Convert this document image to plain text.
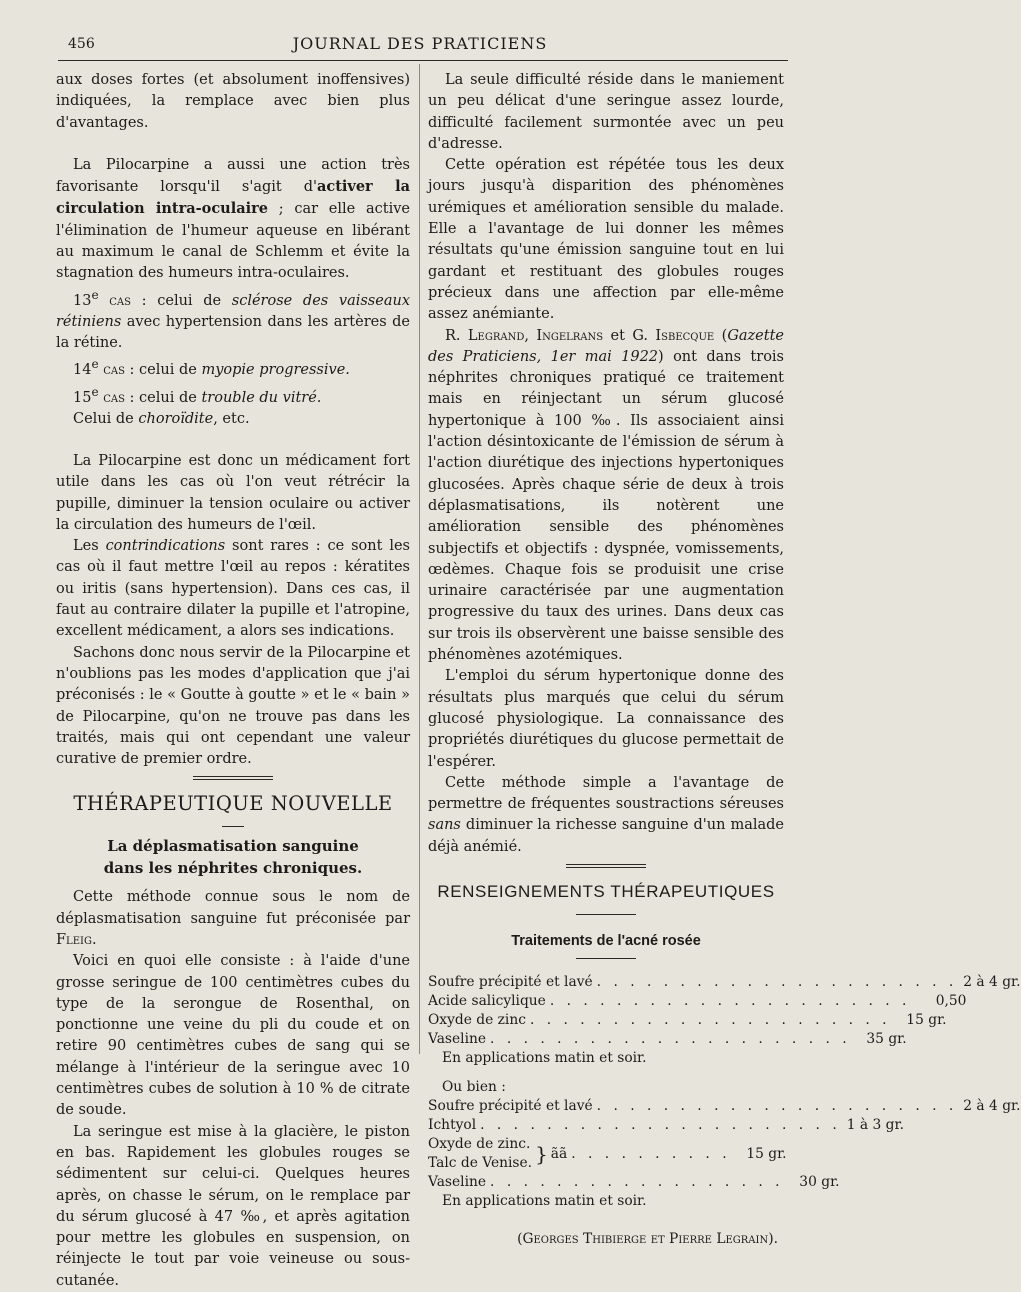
456	JOURNAL DES PRATICIENS

aux doses fortes (et absolument inoffensives) indiquées, la remplace avec bien plus d'avantages.

La Pilocarpine a aussi une action très favorisante lorsqu'il s'agit d'activer la circulation intra-oculaire ; car elle active l'élimination de l'humeur aqueuse en libérant au maximum le canal de Schlemm et évite la stagnation des humeurs intra-oculaires.

13e cas : celui de sclérose des vaisseaux rétiniens avec hypertension dans les artères de la rétine.

14e cas : celui de myopie progressive.

15e cas : celui de trouble du vitré.

Celui de choroïdite, etc.

La Pilocarpine est donc un médicament fort utile dans les cas où l'on veut rétrécir la pupille, diminuer la tension oculaire ou activer la circulation des humeurs de l'œil.

Les contrindications sont rares : ce sont les cas où il faut mettre l'œil au repos : kératites ou iritis (sans hypertension). Dans ces cas, il faut au contraire dilater la pupille et l'atropine, excellent médicament, a alors ses indications.

Sachons donc nous servir de la Pilocarpine et n'oublions pas les modes d'application que j'ai préconisés : le « Goutte à goutte » et le « bain » de Pilocarpine, qu'on ne trouve pas dans les traités, mais qui ont cependant une valeur curative de premier ordre.

THÉRAPEUTIQUE NOUVELLE
La déplasmatisation sanguine
dans les néphrites chroniques.

Cette méthode connue sous le nom de déplasmatisation sanguine fut préconisée par Fleig.

Voici en quoi elle consiste : à l'aide d'une grosse seringue de 100 centimètres cubes du type de la serongue de Rosenthal, on ponctionne une veine du pli du coude et on retire 90 centimètres cubes de sang qui se mélange à l'intérieur de la seringue avec 10 centimètres cubes de solution à 10 % de citrate de soude.

La seringue est mise à la glacière, le piston en bas. Rapidement les globules rouges se sédimentent sur celui-ci. Quelques heures après, on chasse le sérum, on le remplace par du sérum glucosé à 47 ‰, et après agitation pour mettre les globules en suspension, on réinjecte le tout par voie veineuse ou sous-cutanée.

La seule difficulté réside dans le maniement un peu délicat d'une seringue assez lourde, difficulté facilement surmontée avec un peu d'adresse.

Cette opération est répétée tous les deux jours jusqu'à disparition des phénomènes urémiques et amélioration sensible du malade. Elle a l'avantage de lui donner les mêmes résultats qu'une émission sanguine tout en lui gardant et restituant des globules rouges précieux dans une affection par elle-même assez anémiante.

R. Legrand, Ingelrans et G. Isbecque (Gazette des Praticiens, 1er mai 1922) ont dans trois néphrites chroniques pratiqué ce traitement mais en réinjectant un sérum glucosé hypertonique à 100 ‰. Ils associaient ainsi l'action désintoxicante de l'émission de sérum à l'action diurétique des injections hypertoniques glucosées. Après chaque série de deux à trois déplasmatisations, ils notèrent une amélioration sensible des phénomènes subjectifs et objectifs : dyspnée, vomissements, œdèmes. Chaque fois se produisit une crise urinaire caractérisée par une augmentation progressive du taux des urines. Dans deux cas sur trois ils observèrent une baisse sensible des phénomènes azotémiques.

L'emploi du sérum hypertonique donne des résultats plus marqués que celui du sérum glucosé physiologique. La connaissance des propriétés diurétiques du glucose permettait de l'espérer.

Cette méthode simple a l'avantage de permettre de fréquentes soustractions séreuses sans diminuer la richesse sanguine d'un malade déjà anémié.

RENSEIGNEMENTS THÉRAPEUTIQUES
Traitements de l'acné rosée
Soufre précipité et lavé . . . . . . . . . . . . . . . . . . . . . . 2 à 4 gr.
Acide salicylique . . . . . . . . . . . . . . . . . . . . . .	0,50
Oxyde de zinc . . . . . . . . . . . . . . . . . . . . . .	15 gr.
Vaseline . . . . . . . . . . . . . . . . . . . . . .	35 gr.
En applications matin et soir.
Ou bien :
Soufre précipité et lavé . . . . . . . . . . . . . . . . . . . . . . 2 à 4 gr.
Ichtyol . . . . . . . . . . . . . . . . . . . . . . 1 à 3 gr.
Oxyde de zinc.
Talc de Venise. } ãã . . . . . . . . . .	15 gr.
Vaseline . . . . . . . . . . . . . . . . . .	30 gr.
En applications matin et soir.
(Georges Thibierge et Pierre Legrain).
